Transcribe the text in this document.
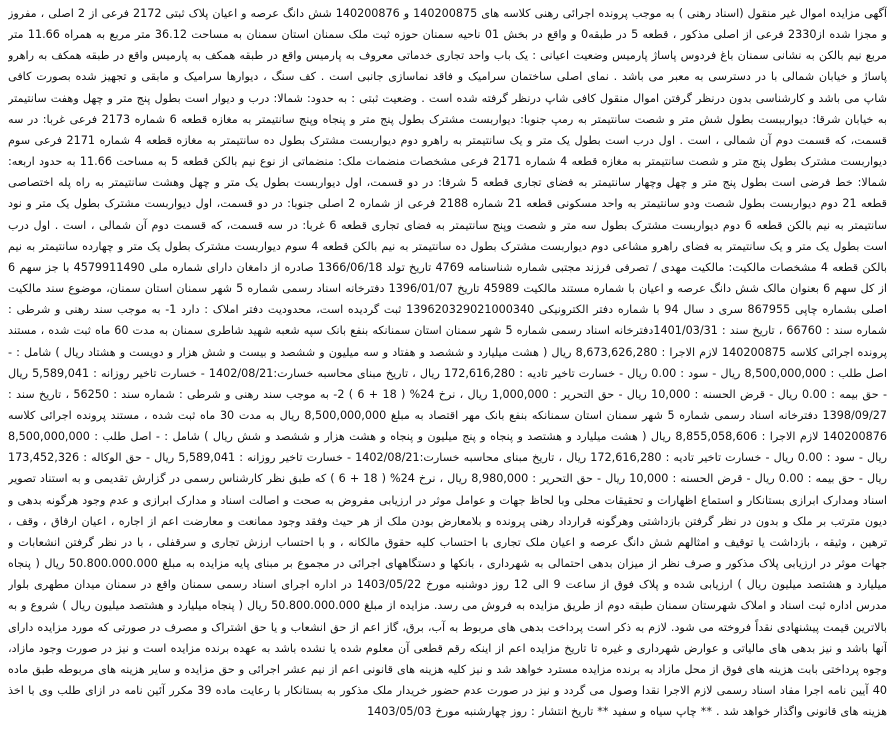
آگهی مزایده اموال غیر منقول (اسناد رهنی ) به موجب پرونده اجرائی رهنی کلاسه های 140200875 و 140200876 شش دانگ عرصه و اعیان پلاک ثبتی 2172 فرعی از 2 اصلی ، مفروز و مجزا شده از2330 فرعی از اصلی مذکور ، قطعه 5 در طبقه0 و واقع در بخش 01 ناحیه سمنان حوزه ثبت ملک سمنان استان سمنان به مساحت 36.12 متر مربع به همراه 11.66 متر مربع نیم بالکن به نشانی سمنان باغ فردوس پاساژ پارمیس وضعیت اعیانی : یک باب واحد تجاری خدماتی معروف به پارمیس واقع در طبقه همکف به پارمیس واقع در طبقه همکف به راهرو پاساژ و خیابان شمالی با در دسترسی به معبر می باشد . نمای اصلی ساختمان سرامیک و فاقد نماسازی جانبی است . کف سنگ ، دیوارها سرامیک و مابقی و تجهیز شده بصورت کافی شاپ می باشد و کارشناسی بدون درنظر گرفتن اموال منقول کافی شاپ درنظر گرفته شده است . وضعیت ثبتی : به حدود: شمالا: درب و دیوار است بطول پنج متر و چهل وهفت سانتیمتر به خیابان شرقا: دیوارببست بطول شش متر و شصت سانتیمتر به رمپ جنوبا: دیواربست مشترک بطول پنج متر و پنجاه وپنج سانتیمتر به مغازه قطعه 6 شماره 2173 فرعی غربا: در سه قسمت، که قسمت دوم آن شمالی ، است . اول درب است بطول یک متر و یک سانتیمتر به راهرو دوم دیواربست مشترک بطول ده سانتیمتر به مغازه قطعه 4 شماره 2171 فرعی سوم دیواربست مشترک بطول پنج متر و شصت سانتیمتر به مغازه قطعه 4 شماره 2171 فرعی مشخصات منضمات ملک: منضماتی از نوع نیم بالکن قطعه 5 به مساحت 11.66 به حدود اربعه: شمالا: خط فرضی است بطول پنج متر و چهل وچهار سانتیمتر به فضای تجاری قطعه 5 شرقا: در دو قسمت، اول دیواربست بطول یک متر و چهل وهشت سانتیمتر به راه پله اختصاصی قطعه 21 دوم دیواربست بطول شصت ودو سانتیمتر به واحد مسکونی قطعه 21 شماره 2188 فرعی از شماره 2 اصلی جنوبا: در دو قسمت، اول دیواربست مشترک بطول یک متر و نود سانتیمتر به نیم بالکن قطعه 6 دوم دیواربست مشترک بطول سه متر و شصت وپنج سانتیمتر به فضای تجاری قطعه 6 غربا: در سه قسمت، که قسمت دوم آن شمالی ، است . اول درب است بطول یک متر و یک سانتیمتر به فضای راهرو مشاعی دوم دیواربست مشترک بطول ده سانتیمتر به نیم بالکن قطعه 4 سوم دیواربست مشترک بطول یک متر و چهارده سانتیمتر به نیم بالکن قطعه 4 مشخصات مالکیت: مالکیت مهدی / تصرفی فرزند مجتبی شماره شناسنامه 4769 تاریخ تولد 1366/06/18 صادره از دامغان دارای شماره ملی 4579911490 با جز سهم 6 از کل سهم 6 بعنوان مالک شش دانگ عرصه و اعیان با شماره مستند مالکیت 45989 تاریخ 1396/01/07 دفترخانه اسناد رسمی شماره 5 شهر سمنان استان سمنان، موضوع سند مالکیت اصلی بشماره چاپی 867955 سری د سال 94 با شماره دفتر الکترونیکی 139620329021000340 ثبت گردیده است، محدودیت دفتر املاک : دارد 1- به موجب سند رهنی و شرطی : شماره سند : 66760 ، تاریخ سند : 1401/03/31دفترخانه اسناد رسمی شماره 5 شهر سمنان استان سمنانکه بنفع بانک سپه شعبه شهید شاطری سمنان به مدت 60 ماه ثبت شده ، مستند پرونده اجرائی کلاسه 140200875 لازم الاجرا : 8,673,626,280 ریال ( هشت میلیارد و ششصد و هفتاد و سه میلیون و ششصد و بیست و شش هزار و دویست و هشتاد ریال ) شامل : - اصل طلب : 8,500,000,000 ریال - سود : 0.00 ریال - خسارت تاخیر تادیه : 172,616,280 ریال ، تاریخ مبنای محاسبه خسارت:1402/08/21 - خسارت تاخیر روزانه : 5,589,041 ریال - حق بیمه : 0.00 ریال - قرض الحسنه : 10,000 ریال - حق التحریر : 1,000,000 ریال ، نرخ 24% ( 18 + 6 ) 2- به موجب سند رهنی و شرطی : شماره سند : 56250 ، تاریخ سند : 1398/09/27 دفترخانه اسناد رسمی شماره 5 شهر سمنان استان سمنانکه بنفع بانک مهر اقتصاد به مبلغ 8,500,000,000 ریال به مدت 30 ماه ثبت شده ، مستند پرونده اجرائی کلاسه 140200876 لازم الاجرا : 8,855,058,606 ریال ( هشت میلیارد و هشتصد و پنجاه و پنج میلیون و پنجاه و هشت هزار و ششصد و شش ریال ) شامل : - اصل طلب : 8,500,000,000 ریال - سود : 0.00 ریال - خسارت تاخیر تادیه : 172,616,280 ریال ، تاریخ مبنای محاسبه خسارت:1402/08/21 - خسارت تاخیر روزانه : 5,589,041 ریال - حق الوکاله : 173,452,326 ریال - حق بیمه : 0.00 ریال - قرض الحسنه : 10,000 ریال - حق التحریر : 8,980,000 ریال ، نرخ 24% ( 18 + 6 ) که طبق نظر کارشناس رسمی در گزارش تقدیمی و به استناد تصویر اسناد ومدارک ابرازی بستانکار و استماع اظهارات و تحقیقات محلی وبا لحاظ جهات و عوامل موثر در ارزیابی مفروض به صحت و اصالت اسناد و مدارک ابرازی و عدم وجود هرگونه بدهی و دیون مترتب بر ملک و بدون در نظر گرفتن بازداشتی وهرگونه قرارداد رهنی پرونده و بلامعارض بودن ملک از هر حیث وفقد وجود ممانعت و معارضت اعم از اجاره ، اعیان ارفاق ، وقف ، ترهین ، وثیقه ، بازداشت یا توقیف و امثالهم شش دانگ عرصه و اعیان ملک تجاری با احتساب کلیه حقوق مالکانه ، و با احتساب ارزش تجاری و سرقفلی ، با در نظر گرفتن انشعابات و جهات موثر در ارزیابی پلاک مذکور و صرف نظر از میزان بدهی احتمالی به شهرداری ، بانکها و دستگاههای اجرائی در مجموع بر مبنای پایه مزایده به مبلغ 50.800.000.000 ریال ( پنجاه میلیارد و هشتصد میلیون ریال ) ارزیابی شده و پلاک فوق از ساعت 9 الی 12 روز دوشنبه مورخ 1403/05/22 در اداره اجرای اسناد رسمی سمنان واقع در سمنان میدان مطهری بلوار مدرس اداره ثبت اسناد و املاک شهرستان سمنان طبقه دوم از طریق مزایده به فروش می رسد. مزایده از مبلغ 50.800.000.000 ریال ( پنجاه میلیارد و هشتصد میلیون ریال ) شروع و به بالاترین قیمت پیشنهادی نقداً فروخته می شود. لازم به ذکر است پرداخت بدهی های مربوط به آب، برق، گاز اعم از حق انشعاب و یا حق اشتراک و مصرف در صورتی که مورد مزایده دارای آنها باشد و نیز بدهی های مالیاتی و عوارض شهرداری و غیره تا تاریخ مزایده اعم از اینکه رقم قطعی آن معلوم شده یا نشده باشد به عهده برنده مزایده است و نیز در صورت وجود مازاد، وجوه پرداختی بابت هزینه های فوق از محل مازاد به برنده مزایده مسترد خواهد شد و نیز کلیه هزینه های قانونی اعم از نیم عشر اجرائی و حق مزایده و سایر هزینه های مربوطه طبق ماده 40 آیین نامه اجرا مفاد اسناد رسمی لازم الاجرا نقدا وصول می گردد و نیز در صورت عدم حضور خریدار ملک مذکور به بستانکار با رعایت ماده 39 مکرر آئین نامه در ازای طلب وی با اخذ هزینه های قانونی واگذار خواهد شد . ** چاپ سیاه و سفید ** تاریخ انتشار : روز چهارشنبه مورخ 1403/05/03
